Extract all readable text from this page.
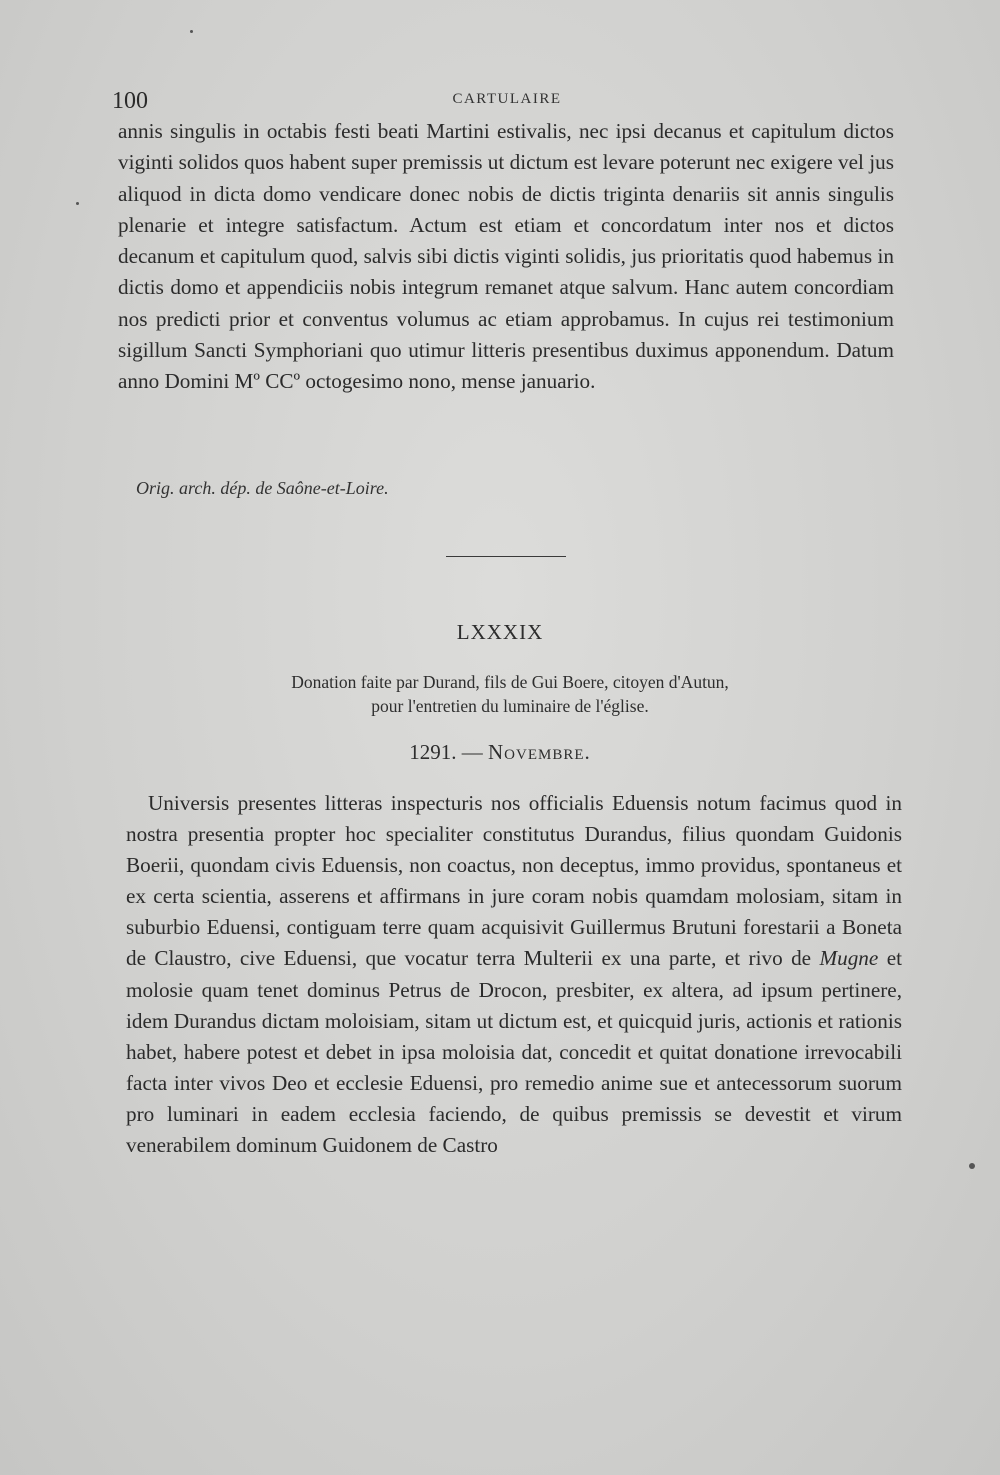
100	CARTULAIRE
annis singulis in octabis festi beati Martini estivalis, nec ipsi decanus et capitulum dictos viginti solidos quos habent super premissis ut dictum est levare poterunt nec exigere vel jus aliquod in dicta domo vendicare donec nobis de dictis triginta denariis sit annis singulis plenarie et integre satisfactum. Actum est etiam et concordatum inter nos et dictos decanum et capitulum quod, salvis sibi dictis viginti solidis, jus prioritatis quod habemus in dictis domo et appendiciis nobis integrum remanet atque salvum. Hanc autem concordiam nos predicti prior et conventus volumus ac etiam approbamus. In cujus rei testimonium sigillum Sancti Symphoriani quo utimur litteris presentibus duximus apponendum. Datum anno Domini Mº CCº octogesimo nono, mense januario.
Orig. arch. dép. de Saône-et-Loire.
LXXXIX
Donation faite par Durand, fils de Gui Boere, citoyen d'Autun,
pour l'entretien du luminaire de l'église.
1291. — Novembre.
Universis presentes litteras inspecturis nos officialis Eduensis notum facimus quod in nostra presentia propter hoc specialiter constitutus Durandus, filius quondam Guidonis Boerii, quondam civis Eduensis, non coactus, non deceptus, immo providus, spontaneus et ex certa scientia, asserens et affirmans in jure coram nobis quamdam molosiam, sitam in suburbio Eduensi, contiguam terre quam acquisivit Guillermus Brutuni forestarii a Boneta de Claustro, cive Eduensi, que vocatur terra Multerii ex una parte, et rivo de Mugne et molosie quam tenet dominus Petrus de Drocon, presbiter, ex altera, ad ipsum pertinere, idem Durandus dictam moloisiam, sitam ut dictum est, et quicquid juris, actionis et rationis habet, habere potest et debet in ipsa moloisia dat, concedit et quitat donatione irrevocabili facta inter vivos Deo et ecclesie Eduensi, pro remedio anime sue et antecessorum suorum pro luminari in eadem ecclesia faciendo, de quibus premissis se devestit et virum venerabilem dominum Guidonem de Castro
